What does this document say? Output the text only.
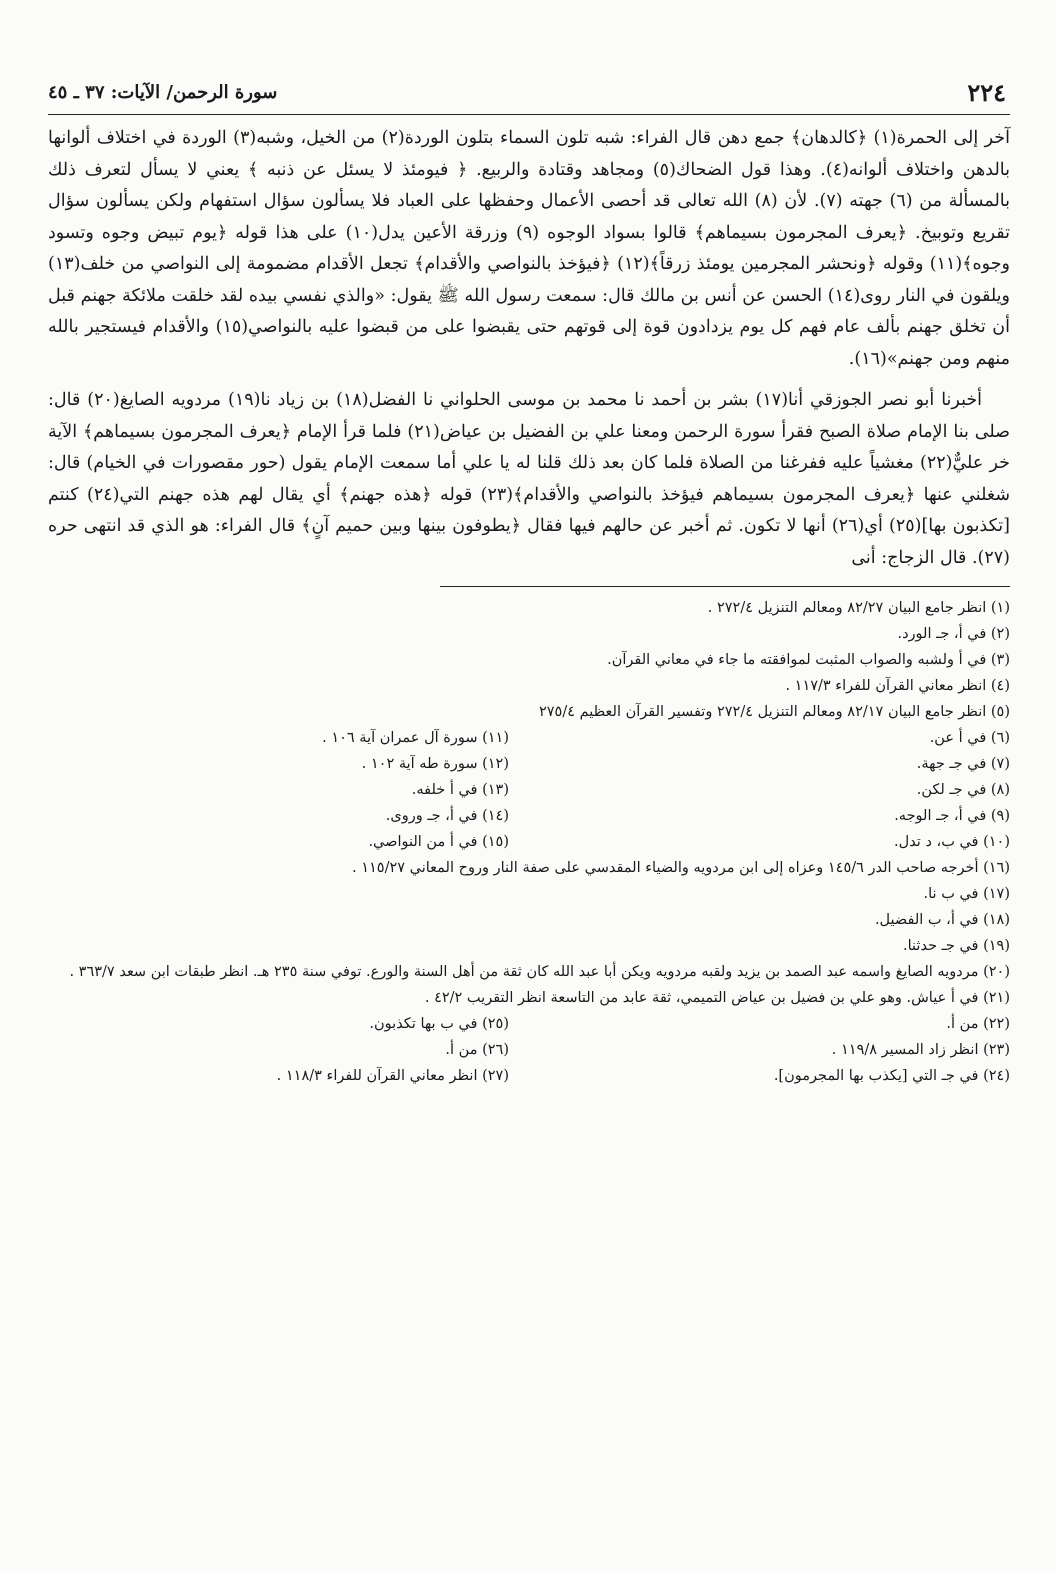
٢٢٤
سورة الرحمن/ الآيات: ٣٧ ـ ٤٥

آخر إلى الحمرة(١) ﴿كالدهان﴾ جمع دهن قال الفراء: شبه تلون السماء بتلون الوردة(٢) من الخيل، وشبه(٣) الوردة في اختلاف ألوانها بالدهن واختلاف ألوانه(٤). وهذا قول الضحاك(٥) ومجاهد وقتادة والربيع. ﴿ فيومئذ لا يسئل عن ذنبه ﴾ يعني لا يسأل لتعرف ذلك بالمسألة من (٦) جهته (٧). لأن (٨) الله تعالى قد أحصى الأعمال وحفظها على العباد فلا يسألون سؤال استفهام ولكن يسألون سؤال تقريع وتوبيخ. ﴿يعرف المجرمون بسيماهم﴾ قالوا بسواد الوجوه (٩) وزرقة الأعين يدل(١٠) على هذا قوله ﴿يوم تبيض وجوه وتسود وجوه﴾(١١) وقوله ﴿ونحشر المجرمين يومئذ زرقاً﴾(١٢) ﴿فيؤخذ بالنواصي والأقدام﴾ تجعل الأقدام مضمومة إلى النواصي من خلف(١٣) ويلقون في النار روى(١٤) الحسن عن أنس بن مالك قال: سمعت رسول الله ﷺ يقول: «والذي نفسي بيده لقد خلقت ملائكة جهنم قبل أن تخلق جهنم بألف عام فهم كل يوم يزدادون قوة إلى قوتهم حتى يقبضوا على من قبضوا عليه بالنواصي(١٥) والأقدام فيستجير بالله منهم ومن جهنم»(١٦).

أخبرنا أبو نصر الجوزقي أنا(١٧) بشر بن أحمد نا محمد بن موسى الحلواني نا الفضل(١٨) بن زياد نا(١٩) مردويه الصايغ(٢٠) قال: صلى بنا الإمام صلاة الصبح فقرأ سورة الرحمن ومعنا علي بن الفضيل بن عياض(٢١) فلما قرأ الإمام ﴿يعرف المجرمون بسيماهم﴾ الآية خر عليٌّ(٢٢) مغشياً عليه ففرغنا من الصلاة فلما كان بعد ذلك قلنا له يا علي أما سمعت الإمام يقول (حور مقصورات في الخيام) قال: شغلني عنها ﴿يعرف المجرمون بسيماهم فيؤخذ بالنواصي والأقدام﴾(٢٣) قوله ﴿هذه جهنم﴾ أي يقال لهم هذه جهنم التي(٢٤) كنتم [تكذبون بها](٢٥) أي(٢٦) أنها لا تكون. ثم أخبر عن حالهم فيها فقال ﴿يطوفون بينها وبين حميم آنٍ﴾ قال الفراء: هو الذي قد انتهى حره (٢٧). قال الزجاج: أنى

(١) انظر جامع البيان ٨٢/٢٧ ومعالم التنزيل ٢٧٢/٤ .
(٢) في أ، جـ الورد.
(٣) في أ ولشبه والصواب المثبت لموافقته ما جاء في معاني القرآن.
(٤) انظر معاني القرآن للفراء ١١٧/٣ .
(٥) انظر جامع البيان ٨٢/١٧ ومعالم التنزيل ٢٧٢/٤ وتفسير القرآن العظيم ٢٧٥/٤
(٦) في أ عن.
(١١) سورة آل عمران آية ١٠٦ .
(٧) في جـ جهة.
(١٢) سورة طه آية ١٠٢ .
(٨) في جـ لكن.
(١٣) في أ خلفه.
(٩) في أ، جـ الوجه.
(١٤) في أ، جـ وروى.
(١٠) في ب، د تدل.
(١٥) في أ من النواصي.
(١٦) أخرجه صاحب الدر ١٤٥/٦ وعزاه إلى ابن مردويه والضياء المقدسي على صفة النار وروح المعاني ١١٥/٢٧ .
(١٧) في ب نا.
(١٨) في أ، ب الفضيل.
(١٩) في جـ حدثنا.
(٢٠) مردويه الصايغ واسمه عبد الصمد بن يزيد ولقبه مردويه ويكن أبا عبد الله كان ثقة من أهل السنة والورع. توفي سنة ٢٣٥ هـ. انظر طبقات ابن سعد ٣٦٣/٧ .
(٢١) في أ عياش. وهو علي بن فضيل بن عياض التميمي، ثقة عابد من التاسعة انظر التقريب ٤٢/٢ .
(٢٢) من أ.
(٢٥) في ب بها تكذبون.
(٢٣) انظر زاد المسير ١١٩/٨ .
(٢٦) من أ.
(٢٤) في جـ التي [يكذب بها المجرمون].
(٢٧) انظر معاني القرآن للفراء ١١٨/٣ .
